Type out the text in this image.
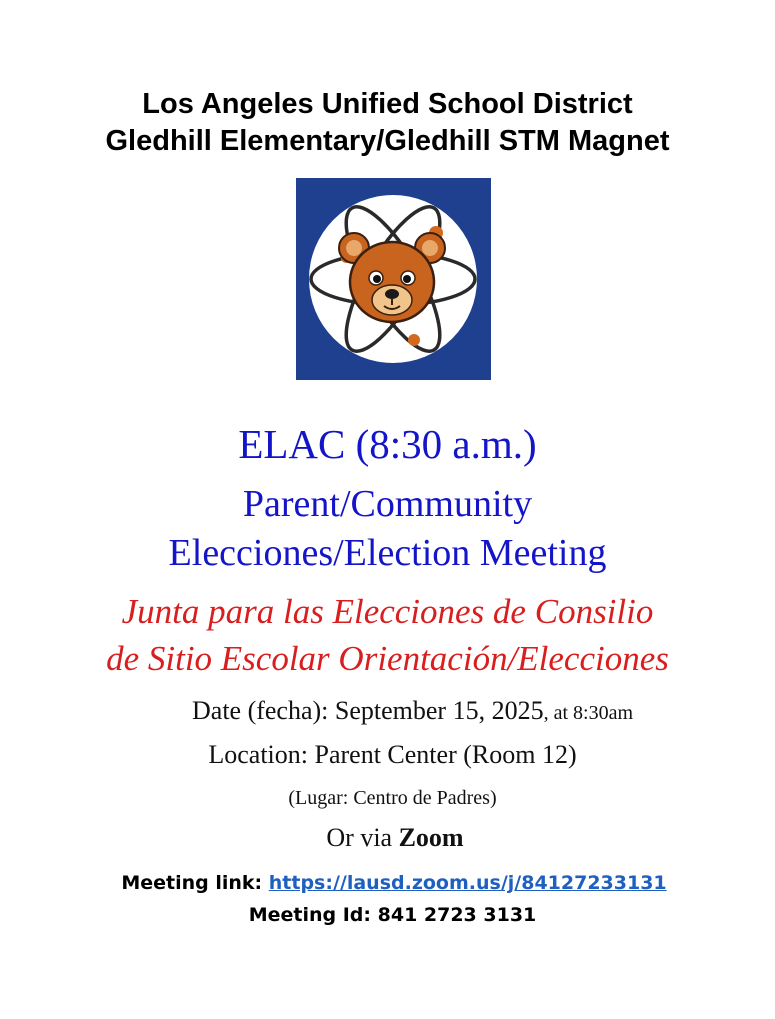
Los Angeles Unified School District
Gledhill Elementary/Gledhill STM Magnet
ELAC (8:30 a.m.)
Parent/Community
Elecciones/Election Meeting
Junta para las Elecciones de Consilio
de Sitio Escolar Orientación/Elecciones
Date (fecha): September 15, 2025, at 8:30am
Location: Parent Center (Room 12)
(Lugar: Centro de Padres)
Or via Zoom
Meeting link: https://lausd.zoom.us/j/84127233131
Meeting Id: 841 2723 3131
